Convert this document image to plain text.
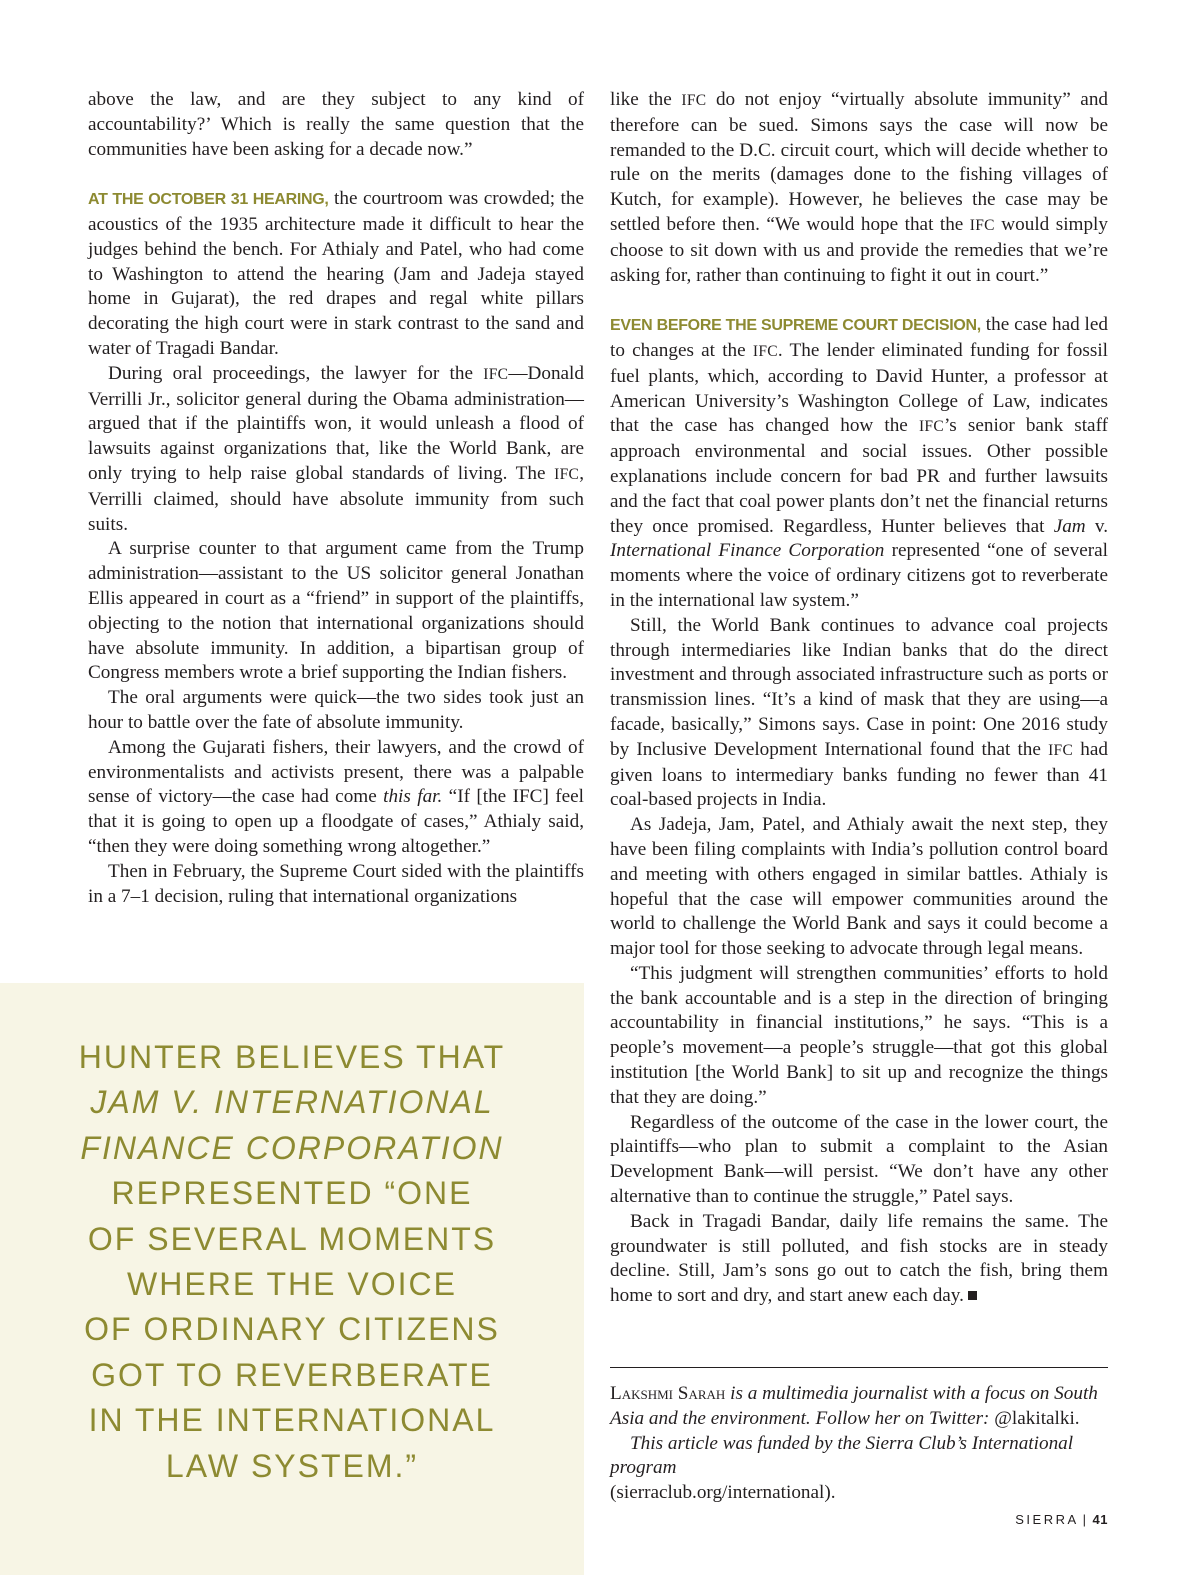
above the law, and are they subject to any kind of accountability?’ Which is really the same question that the communities have been asking for a decade now.”

AT THE OCTOBER 31 HEARING, the courtroom was crowded; the acoustics of the 1935 architecture made it difficult to hear the judges behind the bench. For Athialy and Patel, who had come to Washington to attend the hearing (Jam and Jadeja stayed home in Gujarat), the red drapes and regal white pillars decorating the high court were in stark contrast to the sand and water of Tragadi Bandar.

During oral proceedings, the lawyer for the IFC—Donald Verrilli Jr., solicitor general during the Obama administration—argued that if the plaintiffs won, it would unleash a flood of lawsuits against organizations that, like the World Bank, are only trying to help raise global standards of living. The IFC, Verrilli claimed, should have absolute immunity from such suits.

A surprise counter to that argument came from the Trump administration—assistant to the US solicitor general Jonathan Ellis appeared in court as a “friend” in support of the plaintiffs, objecting to the notion that international organizations should have absolute immunity. In addition, a bipartisan group of Congress members wrote a brief supporting the Indian fishers.

The oral arguments were quick—the two sides took just an hour to battle over the fate of absolute immunity.

Among the Gujarati fishers, their lawyers, and the crowd of environmentalists and activists present, there was a palpable sense of victory—the case had come this far. “If [the IFC] feel that it is going to open up a floodgate of cases,” Athialy said, “then they were doing something wrong altogether.”

Then in February, the Supreme Court sided with the plaintiffs in a 7–1 decision, ruling that international organizations

like the IFC do not enjoy “virtually absolute immunity” and therefore can be sued. Simons says the case will now be remanded to the D.C. circuit court, which will decide whether to rule on the merits (damages done to the fishing villages of Kutch, for example). However, he believes the case may be settled before then. “We would hope that the IFC would simply choose to sit down with us and provide the remedies that we’re asking for, rather than continuing to fight it out in court.”

EVEN BEFORE THE SUPREME COURT DECISION, the case had led to changes at the IFC. The lender eliminated funding for fossil fuel plants, which, according to David Hunter, a professor at American University’s Washington College of Law, indicates that the case has changed how the IFC’s senior bank staff approach environmental and social issues. Other possible explanations include concern for bad PR and further lawsuits and the fact that coal power plants don’t net the financial returns they once promised. Regardless, Hunter believes that Jam v. International Finance Corporation represented “one of several moments where the voice of ordinary citizens got to reverberate in the international law system.”

Still, the World Bank continues to advance coal projects through intermediaries like Indian banks that do the direct investment and through associated infrastructure such as ports or transmission lines. “It’s a kind of mask that they are using—a facade, basically,” Simons says. Case in point: One 2016 study by Inclusive Development International found that the IFC had given loans to intermediary banks funding no fewer than 41 coal-based projects in India.

As Jadeja, Jam, Patel, and Athialy await the next step, they have been filing complaints with India’s pollution control board and meeting with others engaged in similar battles. Athialy is hopeful that the case will empower communities around the world to challenge the World Bank and says it could become a major tool for those seeking to advocate through legal means.

“This judgment will strengthen communities’ efforts to hold the bank accountable and is a step in the direction of bringing accountability in financial institutions,” he says. “This is a people’s movement—a people’s struggle—that got this global institution [the World Bank] to sit up and recognize the things that they are doing.”

Regardless of the outcome of the case in the lower court, the plaintiffs—who plan to submit a complaint to the Asian Development Bank—will persist. “We don’t have any other alternative than to continue the struggle,” Patel says.

Back in Tragadi Bandar, daily life remains the same. The groundwater is still polluted, and fish stocks are in steady decline. Still, Jam’s sons go out to catch the fish, bring them home to sort and dry, and start anew each day.

Lakshmi Sarah is a multimedia journalist with a focus on South Asia and the environment. Follow her on Twitter: @lakitalki.

This article was funded by the Sierra Club’s International program
(sierraclub.org/international).

HUNTER BELIEVES THAT
JAM V. INTERNATIONAL
FINANCE CORPORATION
REPRESENTED “ONE
OF SEVERAL MOMENTS
WHERE THE VOICE
OF ORDINARY CITIZENS
GOT TO REVERBERATE
IN THE INTERNATIONAL
LAW SYSTEM.”
SIERRA | 41
